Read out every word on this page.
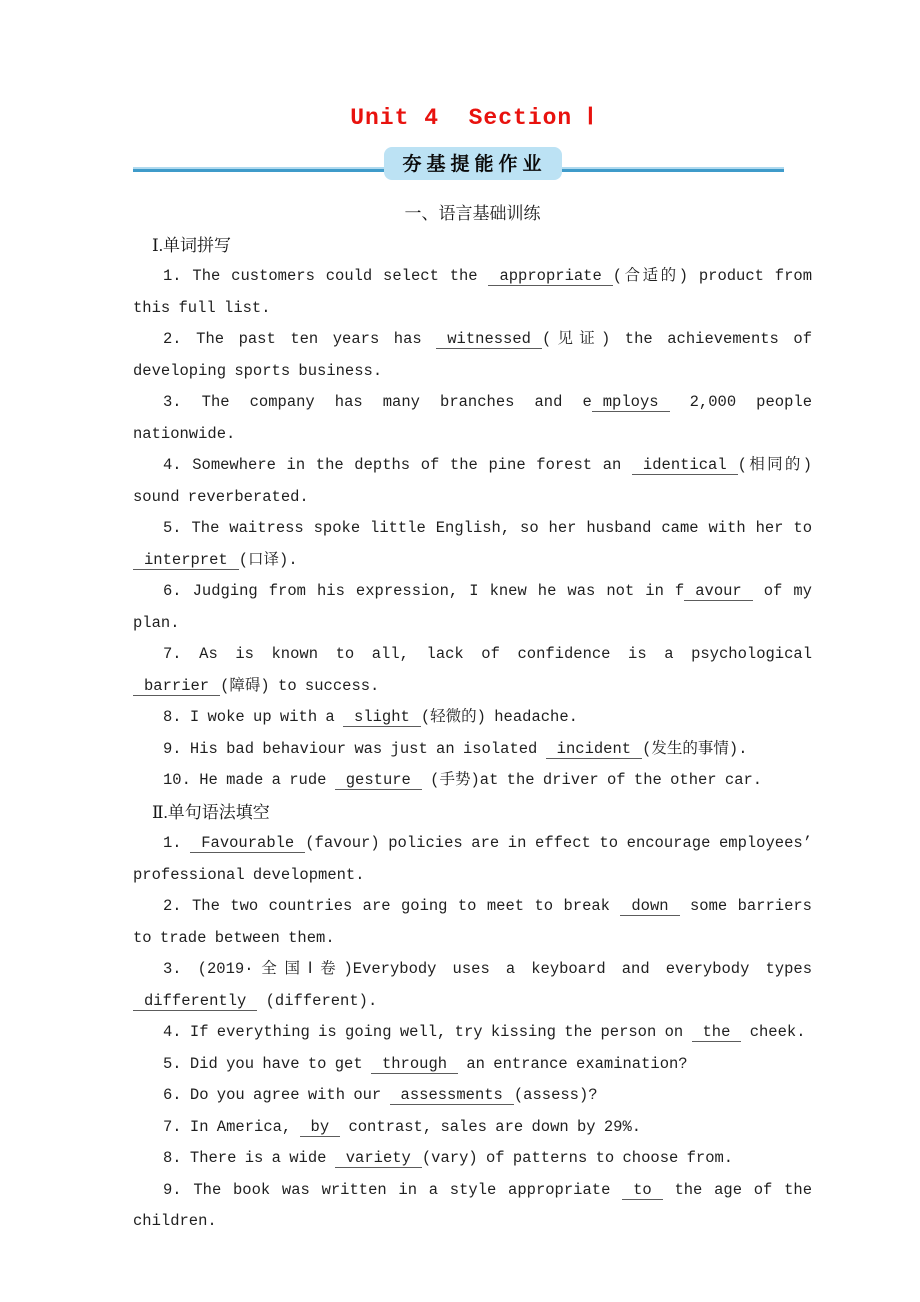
Unit 4  Section Ⅰ
夯基提能作业

一、语言基础训练

Ⅰ.单词拼写

1. The customers could select the appropriate (合适的) product from this full list.

2. The past ten years has witnessed (见证) the achievements of developing sports business.

3. The company has many branches and e mploys 2,000 people nationwide.

4. Somewhere in the depths of the pine forest an identical (相同的) sound reverberated.

5. The waitress spoke little English, so her husband came with her to interpret (口译).

6. Judging from his expression, I knew he was not in f avour of my plan.

7. As is known to all, lack of confidence is a psychological barrier (障碍) to success.

8. I woke up with a slight (轻微的) headache.

9. His bad behaviour was just an isolated incident (发生的事情).

10. He made a rude gesture (手势)at the driver of the other car.

Ⅱ.单句语法填空

1. Favourable (favour) policies are in effect to encourage employees’ professional development.

2. The two countries are going to meet to break down some barriers to trade between them.

3. (2019·全国Ⅰ卷)Everybody uses a keyboard and everybody types differently (different).

4. If everything is going well, try kissing the person on the cheek.

5. Did you have to get through an entrance examination?

6. Do you agree with our assessments (assess)?

7. In America, by contrast, sales are down by 29%.

8. There is a wide variety (vary) of patterns to choose from.

9. The book was written in a style appropriate to the age of the children.
